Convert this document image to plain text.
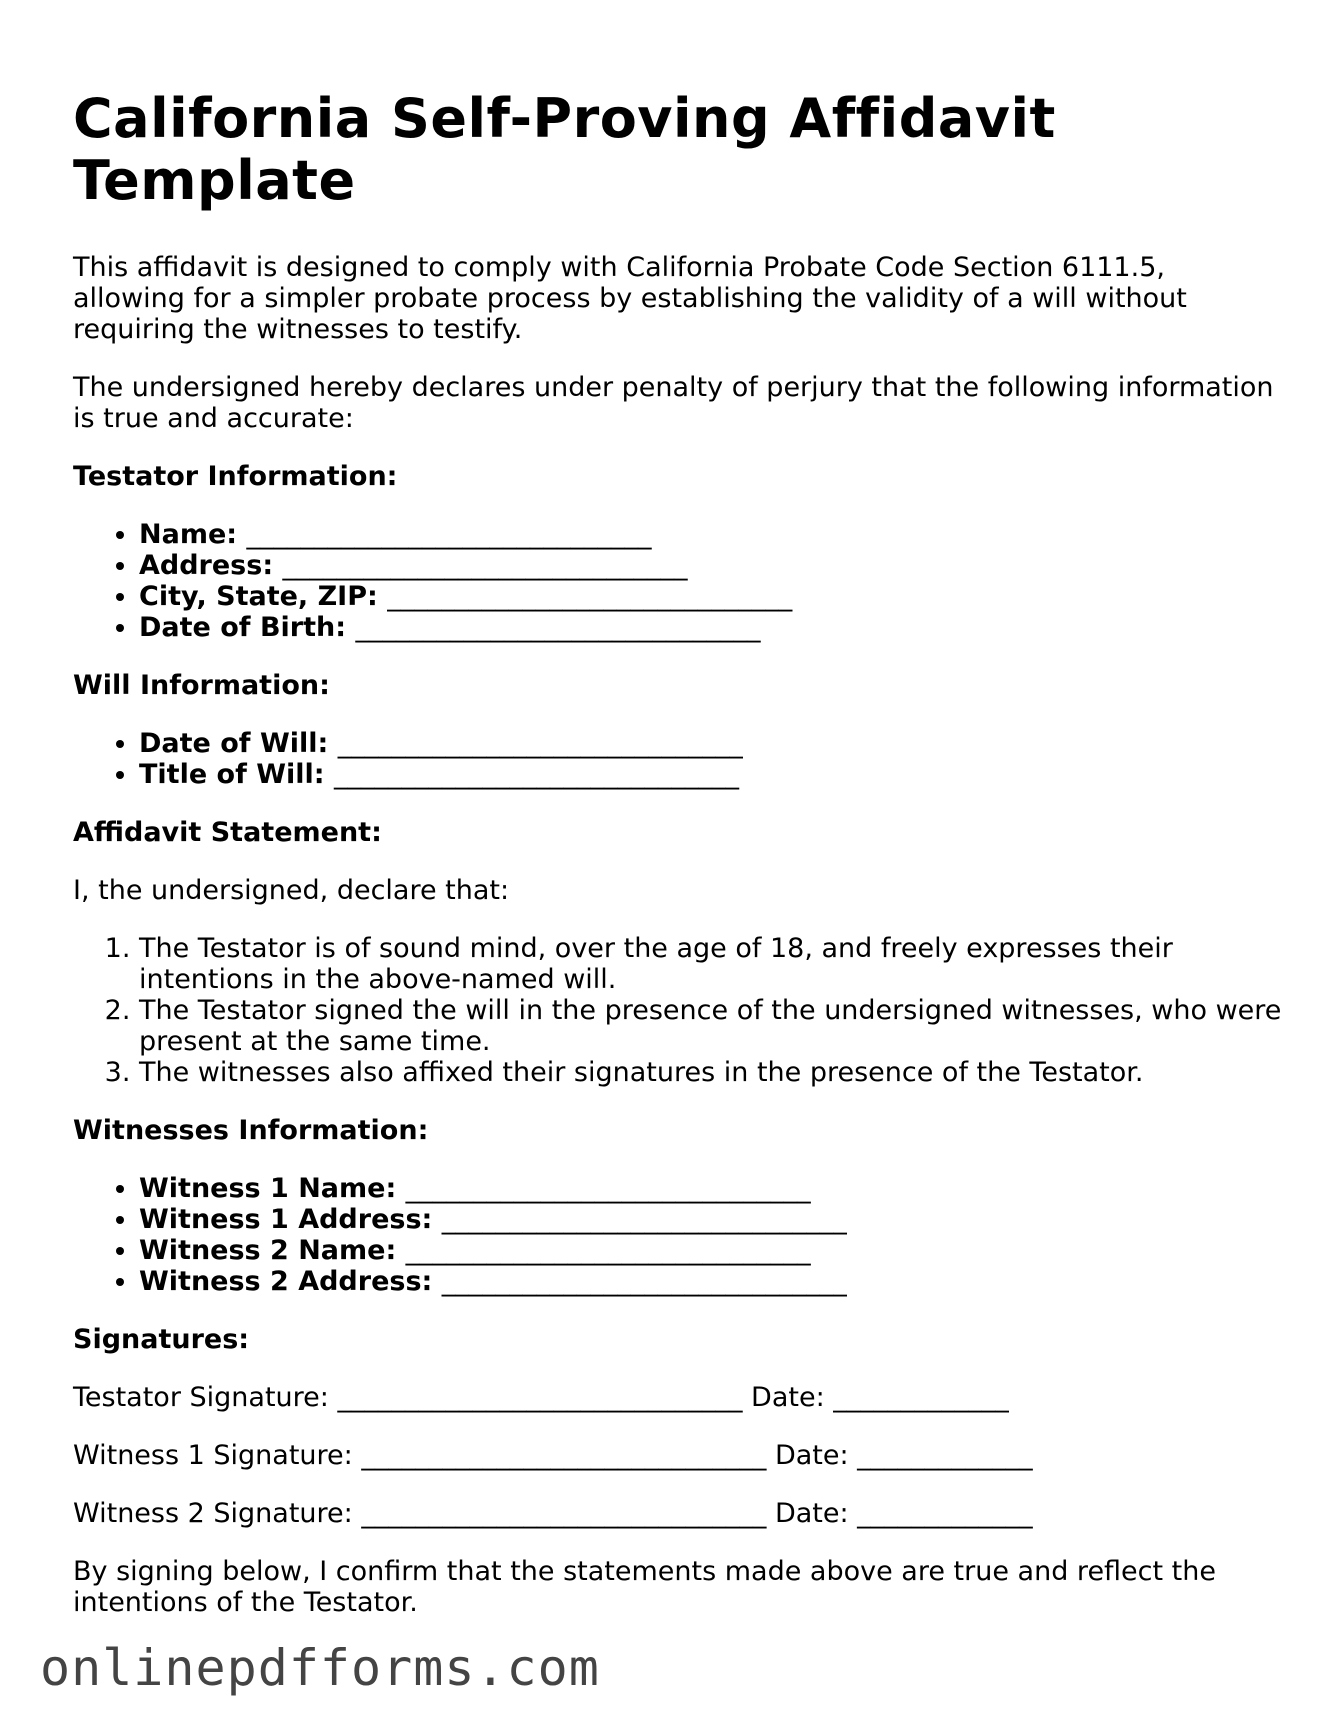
California Self-Proving Affidavit Template

This affidavit is designed to comply with California Probate Code Section 6111.5, allowing for a simpler probate process by establishing the validity of a will without requiring the witnesses to testify.

The undersigned hereby declares under penalty of perjury that the following information is true and accurate:

Testator Information:
• Name: ______________________________
• Address: ______________________________
• City, State, ZIP: ______________________________
• Date of Birth: ______________________________
Will Information:
• Date of Will: ______________________________
• Title of Will: ______________________________
Affidavit Statement:

I, the undersigned, declare that:

1. The Testator is of sound mind, over the age of 18, and freely expresses their intentions in the above-named will.
2. The Testator signed the will in the presence of the undersigned witnesses, who were present at the same time.
3. The witnesses also affixed their signatures in the presence of the Testator.
Witnesses Information:
• Witness 1 Name: ______________________________
• Witness 1 Address: ______________________________
• Witness 2 Name: ______________________________
• Witness 2 Address: ______________________________
Signatures:
Testator Signature: ______________________________ Date: _____________
Witness 1 Signature: ______________________________ Date: _____________
Witness 2 Signature: ______________________________ Date: _____________

By signing below, I confirm that the statements made above are true and reflect the intentions of the Testator.

onlinepdfforms.com
